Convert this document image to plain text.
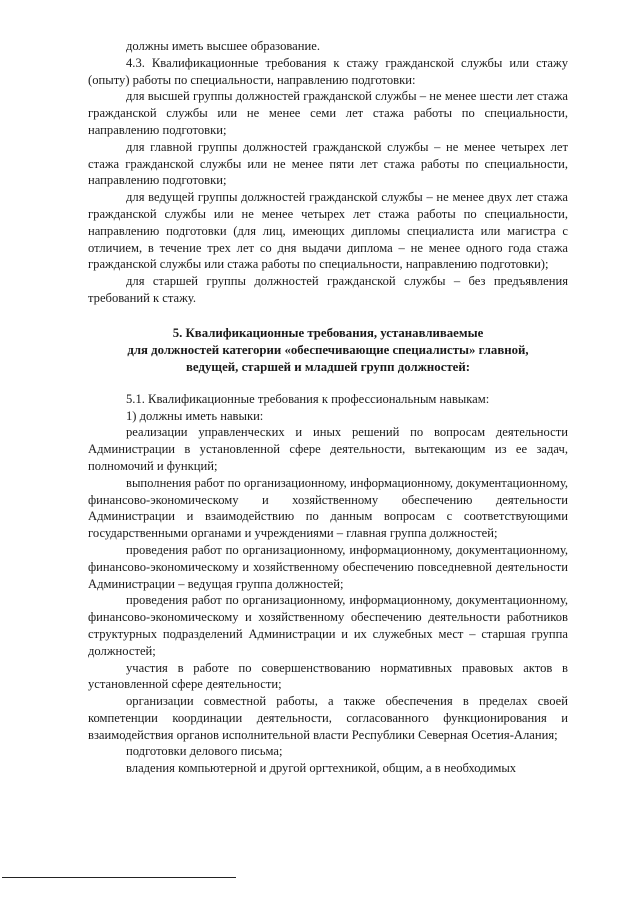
должны иметь высшее образование.

4.3. Квалификационные требования к стажу гражданской службы или стажу (опыту) работы по специальности, направлению подготовки:

для высшей группы должностей гражданской службы – не менее шести лет стажа гражданской службы или не менее семи лет стажа работы по специальности, направлению подготовки;

для главной группы должностей гражданской службы – не менее четырех лет стажа гражданской службы или не менее пяти лет стажа работы по специальности, направлению подготовки;

для ведущей группы должностей гражданской службы – не менее двух лет стажа гражданской службы или не менее четырех лет стажа работы по специальности, направлению подготовки (для лиц, имеющих дипломы специалиста или магистра с отличием, в течение трех лет со дня выдачи диплома – не менее одного года стажа гражданской службы или стажа работы по специальности, направлению подготовки);

для старшей группы должностей гражданской службы – без предъявления требований к стажу.

5. Квалификационные требования, устанавливаемые
для должностей категории «обеспечивающие специалисты» главной,
ведущей, старшей и младшей групп должностей:

5.1. Квалификационные требования к профессиональным навыкам:

1) должны иметь навыки:

реализации управленческих и иных решений по вопросам деятельности Администрации в установленной сфере деятельности, вытекающим из ее задач, полномочий и функций;

выполнения работ по организационному, информационному, документационному, финансово-экономическому и хозяйственному обеспечению деятельности Администрации и взаимодействию по данным вопросам с соответствующими государственными органами и учреждениями – главная группа должностей;

проведения работ по организационному, информационному, документационному, финансово-экономическому и хозяйственному обеспечению повседневной деятельности Администрации – ведущая группа должностей;

проведения работ по организационному, информационному, документационному, финансово-экономическому и хозяйственному обеспечению деятельности работников структурных подразделений Администрации и их служебных мест – старшая группа должностей;

участия в работе по совершенствованию нормативных правовых актов в установленной сфере деятельности;

организации совместной работы, а также обеспечения в пределах своей компетенции координации деятельности, согласованного функционирования и взаимодействия органов исполнительной власти Республики Северная Осетия-Алания;

подготовки делового письма;

владения компьютерной и другой оргтехникой, общим, а в необходимых
